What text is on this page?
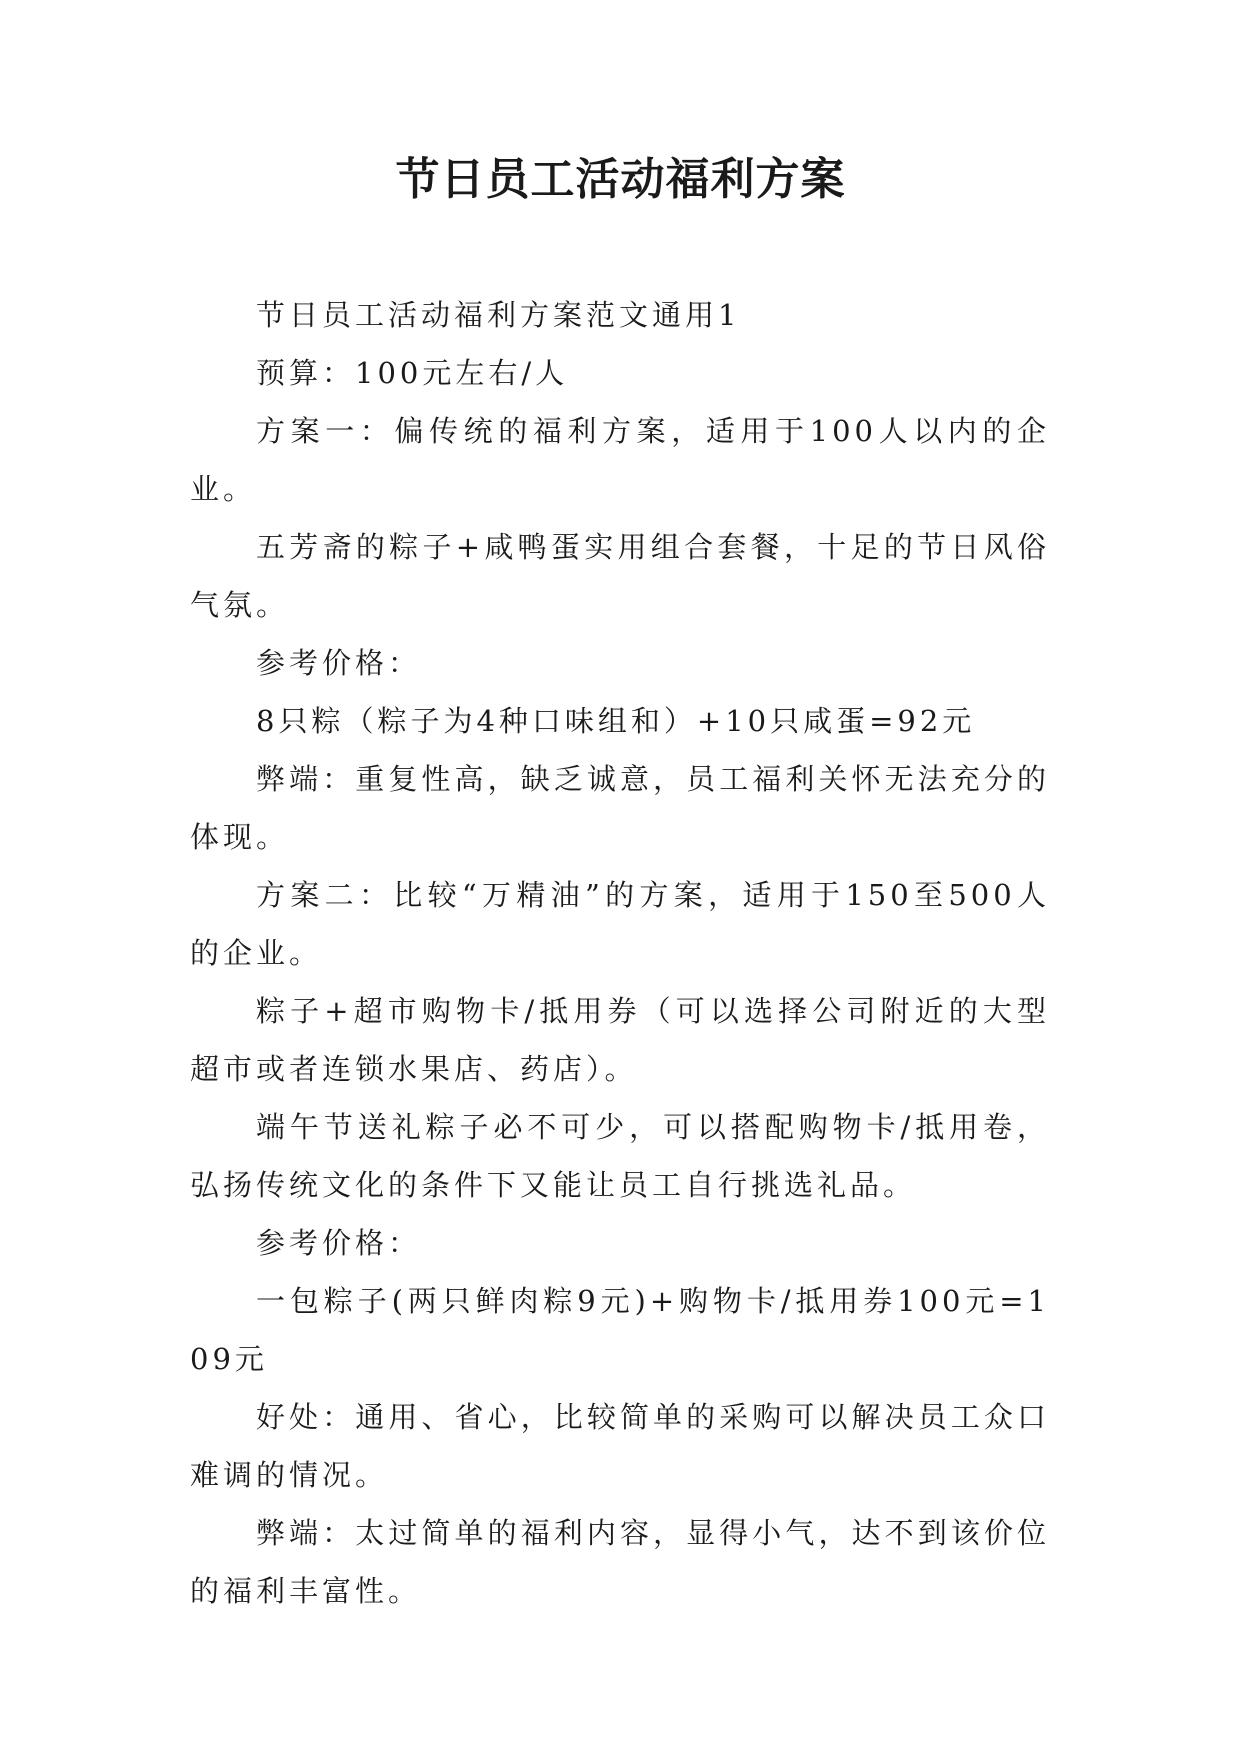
节日员工活动福利方案

节日员工活动福利方案范文通用1

预算：100元左右/人

方案一：偏传统的福利方案，适用于100人以内的企业。

五芳斋的粽子+咸鸭蛋实用组合套餐，十足的节日风俗气氛。

参考价格：

8只粽（粽子为4种口味组和）+10只咸蛋=92元

弊端：重复性高，缺乏诚意，员工福利关怀无法充分的体现。

方案二：比较“万精油”的方案，适用于150至500人的企业。

粽子+超市购物卡/抵用券（可以选择公司附近的大型超市或者连锁水果店、药店）。

端午节送礼粽子必不可少，可以搭配购物卡/抵用卷，弘扬传统文化的条件下又能让员工自行挑选礼品。

参考价格：

一包粽子(两只鲜肉粽9元)+购物卡/抵用券100元=109元

好处：通用、省心，比较简单的采购可以解决员工众口难调的情况。

弊端：太过简单的福利内容，显得小气，达不到该价位的福利丰富性。
